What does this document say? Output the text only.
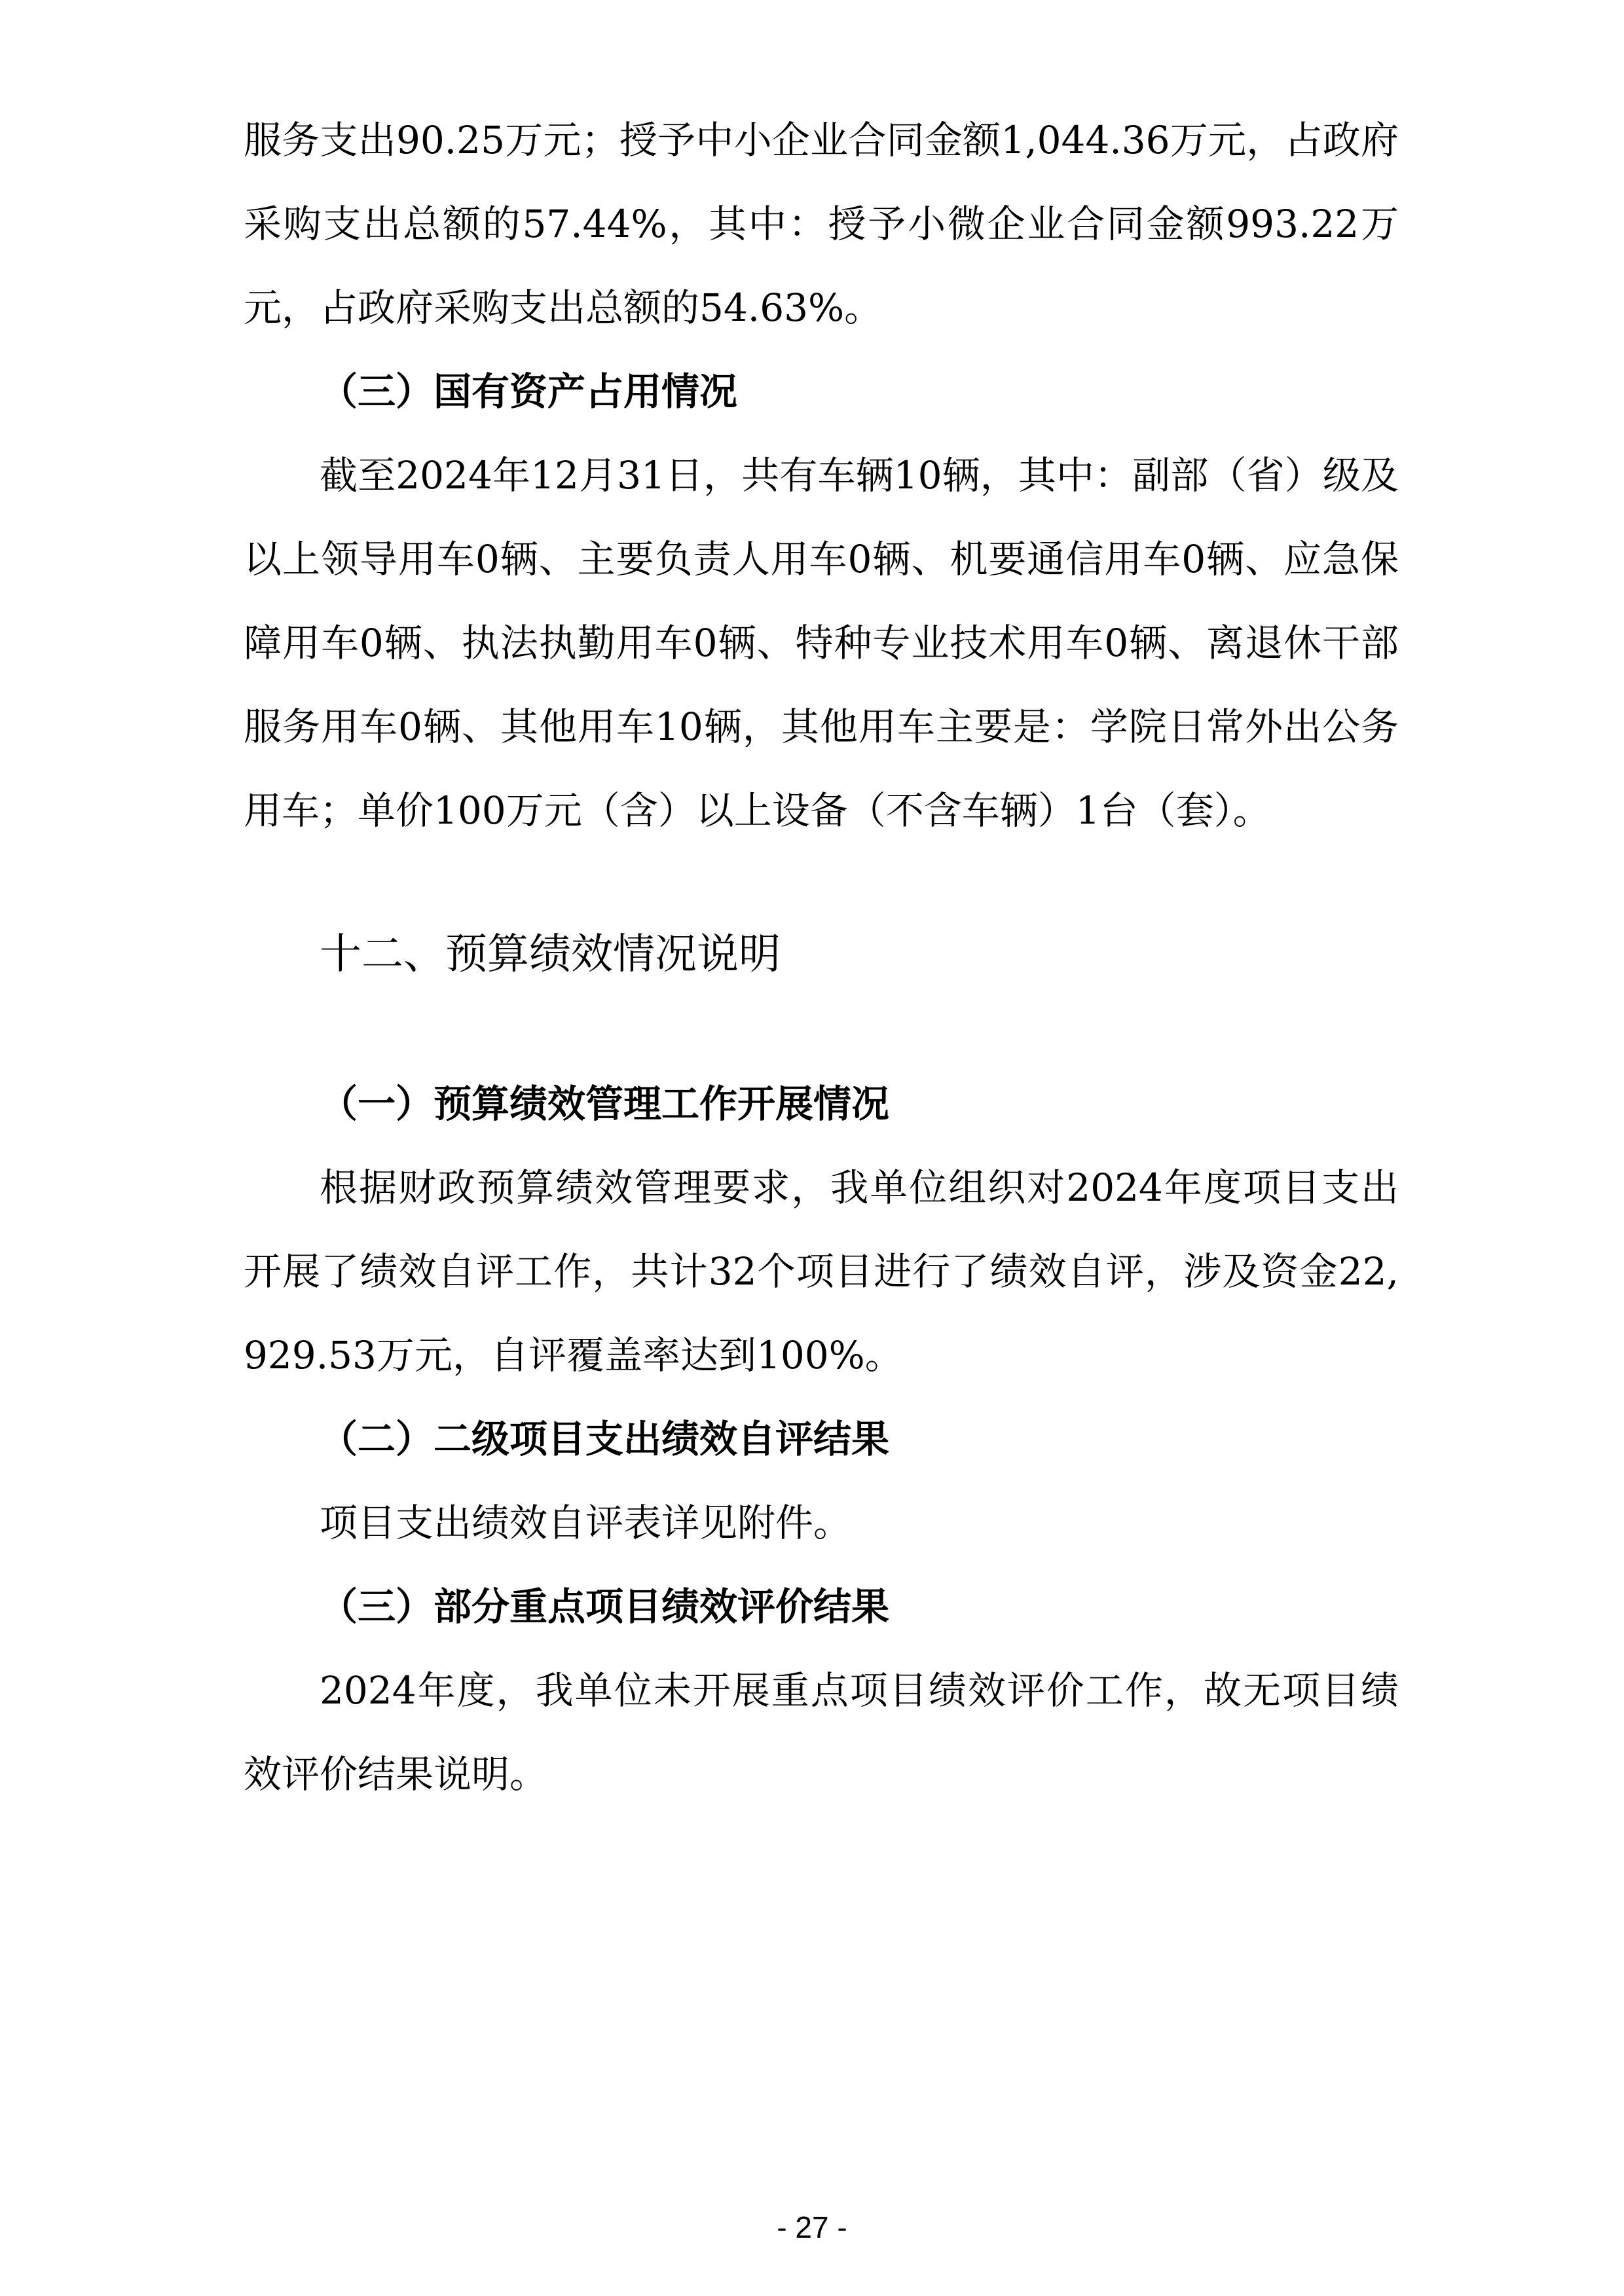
服务支出90.25万元；授予中小企业合同金额1,044.36万元，占政府采购支出总额的57.44%，其中：授予小微企业合同金额993.22万元，占政府采购支出总额的54.63%。

（三）国有资产占用情况

截至2024年12月31日，共有车辆10辆，其中：副部（省）级及以上领导用车0辆、主要负责人用车0辆、机要通信用车0辆、应急保障用车0辆、执法执勤用车0辆、特种专业技术用车0辆、离退休干部服务用车0辆、其他用车10辆，其他用车主要是：学院日常外出公务用车；单价100万元（含）以上设备（不含车辆）1台（套）。

十二、预算绩效情况说明

（一）预算绩效管理工作开展情况

根据财政预算绩效管理要求，我单位组织对2024年度项目支出开展了绩效自评工作，共计32个项目进行了绩效自评，涉及资金22,929.53万元，自评覆盖率达到100%。

（二）二级项目支出绩效自评结果

项目支出绩效自评表详见附件。

（三）部分重点项目绩效评价结果

2024年度，我单位未开展重点项目绩效评价工作，故无项目绩效评价结果说明。

- 27 -
